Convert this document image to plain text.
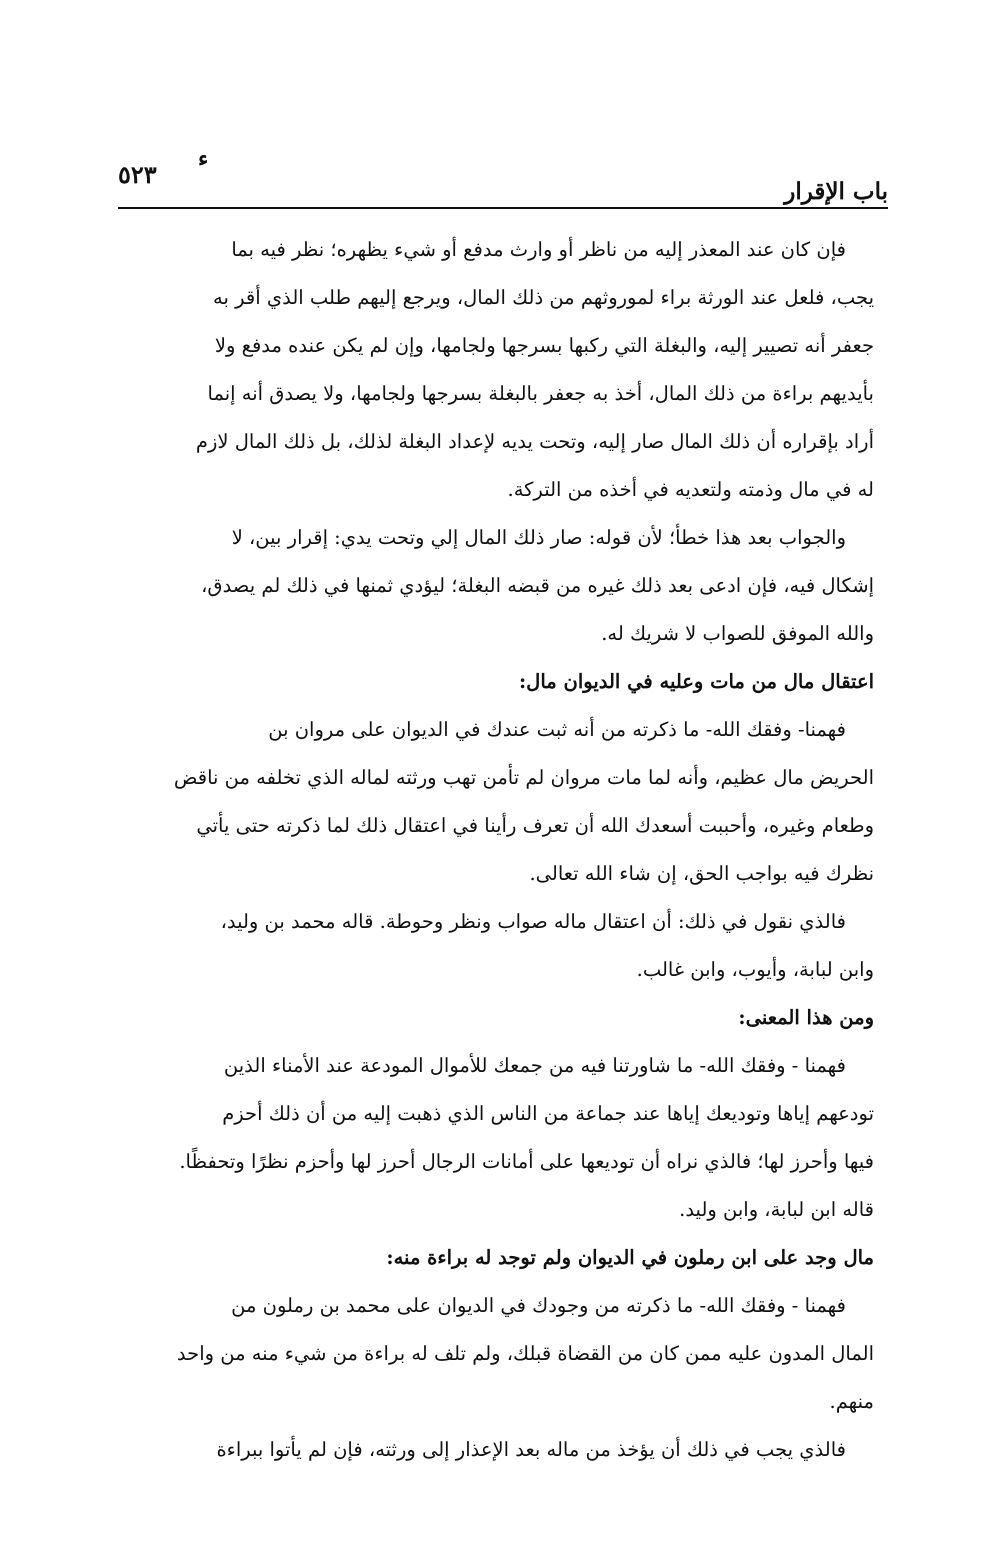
باب الإقرار
٥٢٣
ء
فإن كان عند المعذر إليه من ناظر أو وارث مدفع أو شيء يظهره؛ نظر فيه بما
يجب، فلعل عند الورثة براء لموروثهم من ذلك المال، ويرجع إليهم طلب الذي أقر به
جعفر أنه تصيير إليه، والبغلة التي ركبها بسرجها ولجامها، وإن لم يكن عنده مدفع ولا
بأيديهم براءة من ذلك المال، أخذ به جعفر بالبغلة بسرجها ولجامها، ولا يصدق أنه إنما
أراد بإقراره أن ذلك المال صار إليه، وتحت يديه لإعداد البغلة لذلك، بل ذلك المال لازم
له في مال وذمته ولتعديه في أخذه من التركة.
والجواب بعد هذا خطأ؛ لأن قوله: صار ذلك المال إلي وتحت يدي: إقرار بين، لا
إشكال فيه، فإن ادعى بعد ذلك غيره من قبضه البغلة؛ ليؤدي ثمنها في ذلك لم يصدق،
والله الموفق للصواب لا شريك له.
اعتقال مال من مات وعليه في الديوان مال:
فهمنا- وفقك الله- ما ذكرته من أنه ثبت عندك في الديوان على مروان بن
الحريض مال عظيم، وأنه لما مات مروان لم تأمن تهب ورثته لماله الذي تخلفه من ناقض
وطعام وغيره، وأحببت أسعدك الله أن تعرف رأينا في اعتقال ذلك لما ذكرته حتى يأتي
نظرك فيه بواجب الحق، إن شاء الله تعالى.
فالذي نقول في ذلك: أن اعتقال ماله صواب ونظر وحوطة. قاله محمد بن وليد،
وابن لبابة، وأيوب، وابن غالب.
ومن هذا المعنى:
فهمنا - وفقك الله- ما شاورتنا فيه من جمعك للأموال المودعة عند الأمناء الذين
تودعهم إياها وتوديعك إياها عند جماعة من الناس الذي ذهبت إليه من أن ذلك أحزم
فيها وأحرز لها؛ فالذي نراه أن توديعها على أمانات الرجال أحرز لها وأحزم نظرًا وتحفظًا.
قاله ابن لبابة، وابن وليد.
مال وجد على ابن رملون في الديوان ولم توجد له براءة منه:
فهمنا - وفقك الله- ما ذكرته من وجودك في الديوان على محمد بن رملون من
المال المدون عليه ممن كان من القضاة قبلك، ولم تلف له براءة من شيء منه من واحد
منهم.
فالذي يجب في ذلك أن يؤخذ من ماله بعد الإعذار إلى ورثته، فإن لم يأتوا ببراءة
